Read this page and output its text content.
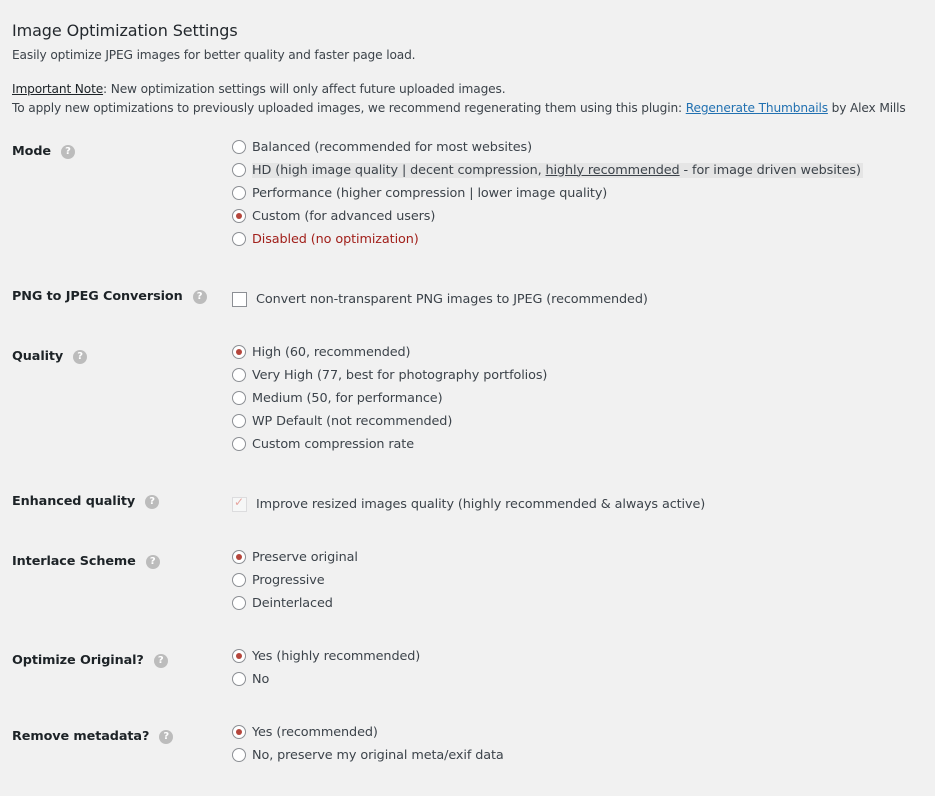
Image Optimization Settings
Easily optimize JPEG images for better quality and faster page load.
Important Note: New optimization settings will only affect future uploaded images.
To apply new optimizations to previously uploaded images, we recommend regenerating them using this plugin: Regenerate Thumbnails by Alex Mills
Mode	?	Balanced (recommended for most websites)
HD (high image quality | decent compression, highly recommended - for image driven websites)
Performance (higher compression | lower image quality)
Custom (for advanced users)
Disabled (no optimization)
PNG to JPEG Conversion	?	Convert non-transparent PNG images to JPEG (recommended)
Quality	?	High (60, recommended)
Very High (77, best for photography portfolios)
Medium (50, for performance)
WP Default (not recommended)
Custom compression rate
Enhanced quality	?
✓	Improve resized images quality (highly recommended & always active)
Interlace Scheme	?	Preserve original
Progressive
Deinterlaced
Optimize Original?	?	Yes (highly recommended)
No
Remove metadata?	?	Yes (recommended)
No, preserve my original meta/exif data
